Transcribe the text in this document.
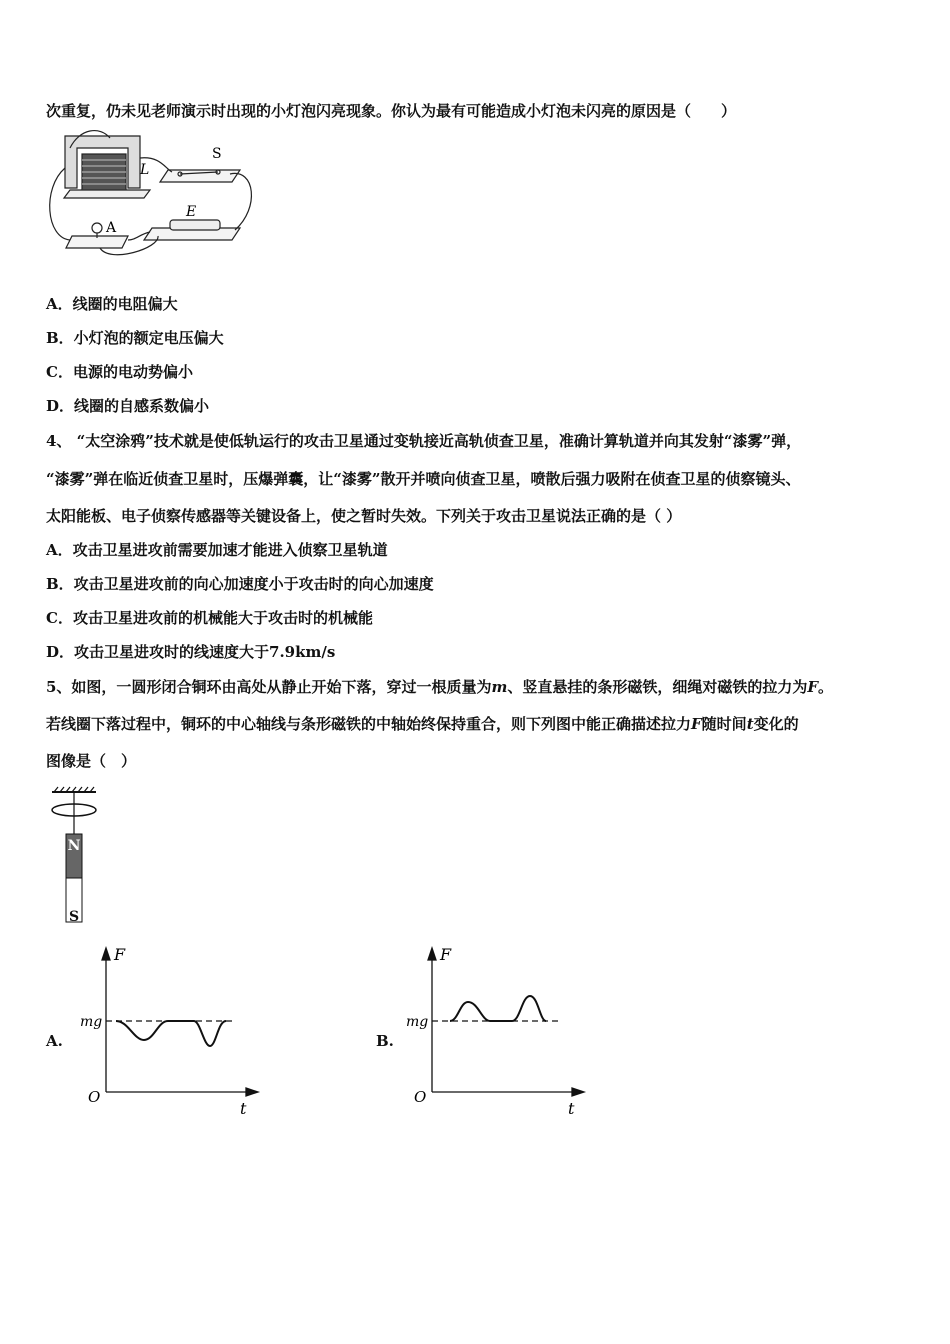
次重复，仍未见老师演示时出现的小灯泡闪亮现象。你认为最有可能造成小灯泡未闪亮的原因是（　　）
L
S
E
A
A．线圈的电阻偏大
B．小灯泡的额定电压偏大
C．电源的电动势偏小
D．线圈的自感系数偏小
4、 “太空涂鸦”技术就是使低轨运行的攻击卫星通过变轨接近高轨侦查卫星，准确计算轨道并向其发射“漆雾”弹，
“漆雾”弹在临近侦查卫星时，压爆弹囊，让“漆雾”散开并喷向侦查卫星，喷散后强力吸附在侦查卫星的侦察镜头、
太阳能板、电子侦察传感器等关键设备上，使之暂时失效。下列关于攻击卫星说法正确的是（ ）
A．攻击卫星进攻前需要加速才能进入侦察卫星轨道
B．攻击卫星进攻前的向心加速度小于攻击时的向心加速度
C．攻击卫星进攻前的机械能大于攻击时的机械能
D．攻击卫星进攻时的线速度大于7.9km/s
5、如图，一圆形闭合铜环由高处从静止开始下落，穿过一根质量为m、竖直悬挂的条形磁铁，细绳对磁铁的拉力为F。
若线圈下落过程中，铜环的中心轴线与条形磁铁的中轴始终保持重合，则下列图中能正确描述拉力F随时间t变化的
图像是（　）
N
S
A.
F
t
O
mg
B.
F
t
O
mg
